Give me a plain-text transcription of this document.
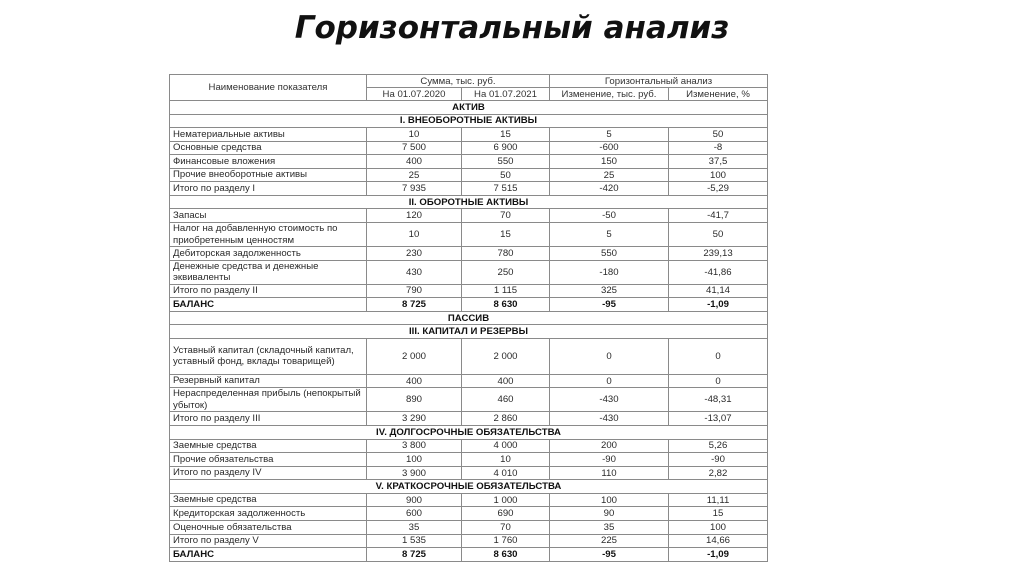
Горизонтальный анализ
Наименование показателя	Сумма, тыс. руб.		Горизонтальный анализ	
	На 01.07.2020	На 01.07.2021	Изменение, тыс. руб.	Изменение, %
АКТИВ				
I. ВНЕОБОРОТНЫЕ АКТИВЫ				
Нематериальные активы	10	15	5	50
Основные средства	7 500	6 900	-600	-8
Финансовые вложения	400	550	150	37,5
Прочие внеоборотные активы	25	50	25	100
Итого по разделу I	7 935	7 515	-420	-5,29
II. ОБОРОТНЫЕ АКТИВЫ				
Запасы	120	70	-50	-41,7
Налог на добавленную стоимость по приобретенным ценностям	10	15	5	50
Дебиторская задолженность	230	780	550	239,13
Денежные средства и денежные эквиваленты	430	250	-180	-41,86
Итого по разделу II	790	1 115	325	41,14
БАЛАНС	8 725	8 630	-95	-1,09
ПАССИВ				
III. КАПИТАЛ И РЕЗЕРВЫ				
Уставный капитал (складочный капитал, уставный фонд, вклады товарищей)	2 000	2 000	0	0
Резервный капитал	400	400	0	0
Нераспределенная прибыль (непокрытый убыток)	890	460	-430	-48,31
Итого по разделу III	3 290	2 860	-430	-13,07
IV. ДОЛГОСРОЧНЫЕ ОБЯЗАТЕЛЬСТВА				
Заемные средства	3 800	4 000	200	5,26
Прочие обязательства	100	10	-90	-90
Итого по разделу IV	3 900	4 010	110	2,82
V. КРАТКОСРОЧНЫЕ ОБЯЗАТЕЛЬСТВА				
Заемные средства	900	1 000	100	11,11
Кредиторская задолженность	600	690	90	15
Оценочные обязательства	35	70	35	100
Итого по разделу V	1 535	1 760	225	14,66
БАЛАНС	8 725	8 630	-95	-1,09
